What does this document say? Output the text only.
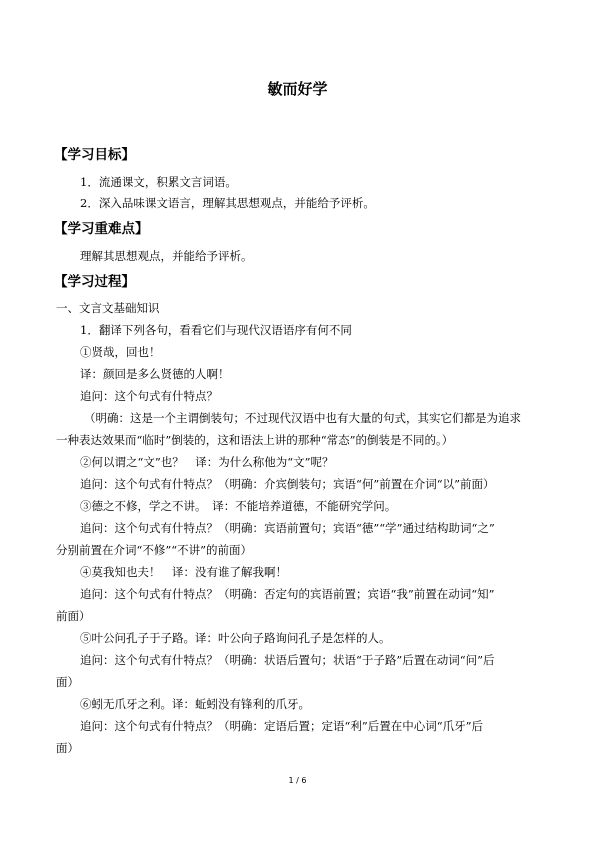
敏而好学
【学习目标】
1．流通课文，积累文言词语。
2．深入品味课文语言，理解其思想观点，并能给予评析。
【学习重难点】
理解其思想观点，并能给予评析。
【学习过程】
一、文言文基础知识
1．翻译下列各句，看看它们与现代汉语语序有何不同
①贤哉，回也！
译：颜回是多么贤德的人啊！
追问：这个句式有什特点？
（明确：这是一个主谓倒装句；不过现代汉语中也有大量的句式，其实它们都是为追求
一种表达效果而“临时”倒装的，这和语法上讲的那种“常态”的倒装是不同的。）
②何以谓之“文”也？　译：为什么称他为“文”呢？
追问：这个句式有什特点？（明确：介宾倒装句；宾语“何”前置在介词“以”前面）
③德之不修，学之不讲。　译：不能培养道德，不能研究学问。
追问：这个句式有什特点？（明确：宾语前置句；宾语“德”“学”通过结构助词“之”
分别前置在介词“不修”“不讲”的前面）
④莫我知也夫！　译：没有谁了解我啊！
追问：这个句式有什特点？（明确：否定句的宾语前置；宾语“我”前置在动词“知”
前面）
⑤叶公问孔子于子路。译：叶公向子路询问孔子是怎样的人。
追问：这个句式有什特点？（明确：状语后置句；状语“于子路”后置在动词“问”后
面）
⑥蚓无爪牙之利。译：蚯蚓没有锋利的爪牙。
追问：这个句式有什特点？（明确：定语后置；定语“利”后置在中心词“爪牙”后
面）
1 / 6
